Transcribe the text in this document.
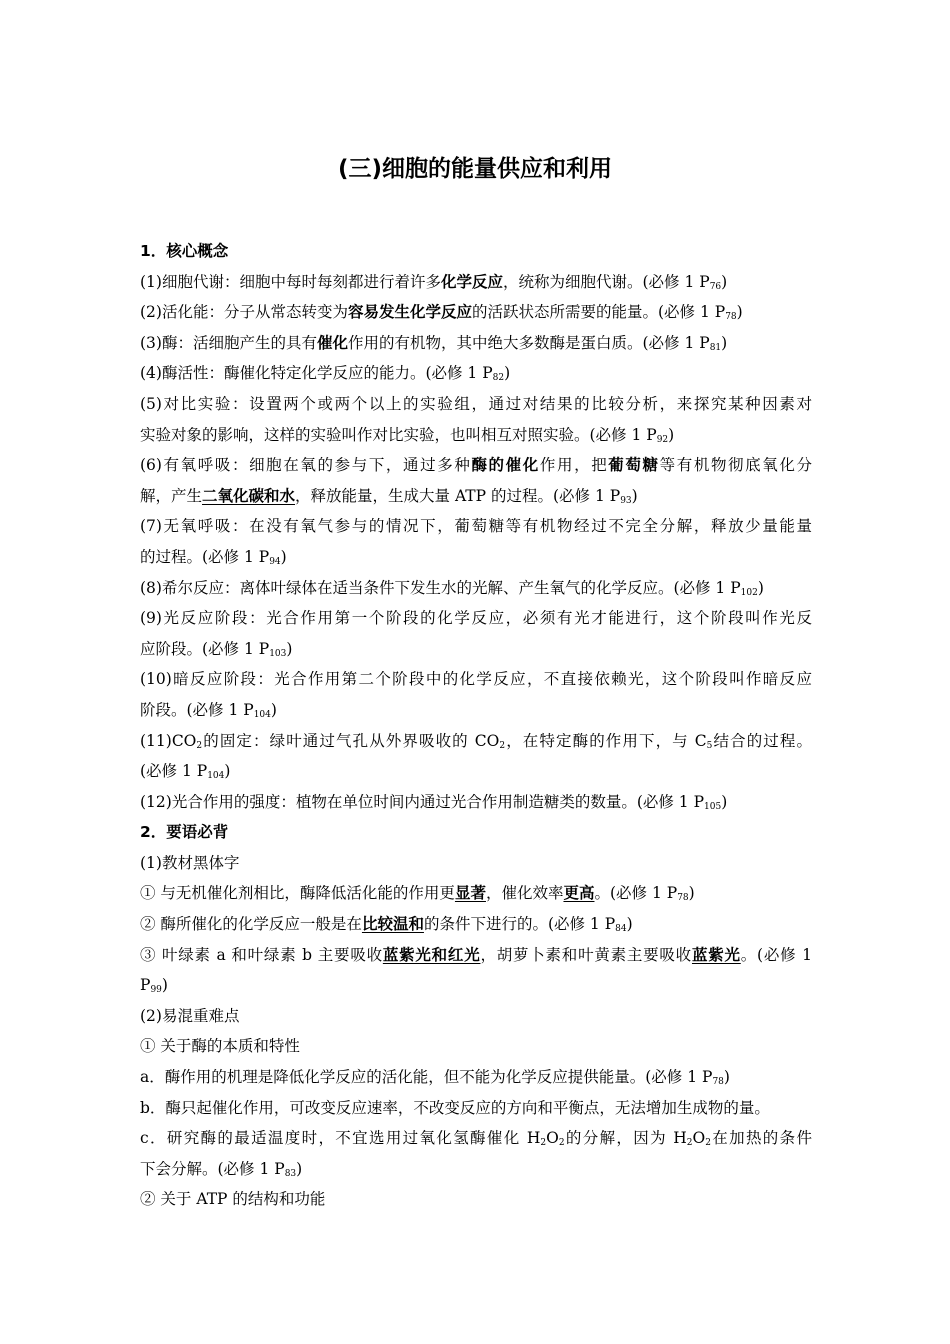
(三)细胞的能量供应和利用
1．核心概念
(1)细胞代谢：细胞中每时每刻都进行着许多化学反应，统称为细胞代谢。(必修 1 $P_{76}$)
(2)活化能：分子从常态转变为容易发生化学反应的活跃状态所需要的能量。(必修 1 $P_{78}$)
(3)酶：活细胞产生的具有催化作用的有机物，其中绝大多数酶是蛋白质。(必修 1 $P_{81}$)
(4)酶活性：酶催化特定化学反应的能力。(必修 1 $P_{82}$)
(5)对比实验：设置两个或两个以上的实验组，通过对结果的比较分析，来探究某种因素对
实验对象的影响，这样的实验叫作对比实验，也叫相互对照实验。(必修 1 $P_{92}$)
(6)有氧呼吸：细胞在氧的参与下，通过多种酶的催化作用，把葡萄糖等有机物彻底氧化分
解，产生二氧化碳和水，释放能量，生成大量 ATP 的过程。(必修 1 $P_{93}$)
(7)无氧呼吸：在没有氧气参与的情况下，葡萄糖等有机物经过不完全分解，释放少量能量
的过程。(必修 1 $P_{94}$)
(8)希尔反应：离体叶绿体在适当条件下发生水的光解、产生氧气的化学反应。(必修 1 $P_{102}$)
(9)光反应阶段：光合作用第一个阶段的化学反应，必须有光才能进行，这个阶段叫作光反
应阶段。(必修 1 $P_{103}$)
(10)暗反应阶段：光合作用第二个阶段中的化学反应，不直接依赖光，这个阶段叫作暗反应
阶段。(必修 1 $P_{104}$)
$(11)CO_2$的固定：绿叶通过气孔从外界吸收的 $CO_2$，在特定酶的作用下，与 $C_5$结合的过程。
(必修 1 $P_{104}$)
(12)光合作用的强度：植物在单位时间内通过光合作用制造糖类的数量。(必修 1 $P_{105}$)
2．要语必背
(1)教材黑体字
① 与无机催化剂相比，酶降低活化能的作用更显著，催化效率更高。(必修 1 $P_{78}$)
② 酶所催化的化学反应一般是在比较温和的条件下进行的。(必修 1 $P_{84}$)
③ 叶绿素 a 和叶绿素 b 主要吸收蓝紫光和红光，胡萝卜素和叶黄素主要吸收蓝紫光。(必修 1
$P_{99}$)
(2)易混重难点
① 关于酶的本质和特性
a．酶作用的机理是降低化学反应的活化能，但不能为化学反应提供能量。(必修 1 $P_{78}$)
b．酶只起催化作用，可改变反应速率，不改变反应的方向和平衡点，无法增加生成物的量。
c．研究酶的最适温度时，不宜选用过氧化氢酶催化 $H_2O_2$的分解，因为 $H_2O_2$在加热的条件
下会分解。(必修 1 $P_{83}$)
② 关于 ATP 的结构和功能
